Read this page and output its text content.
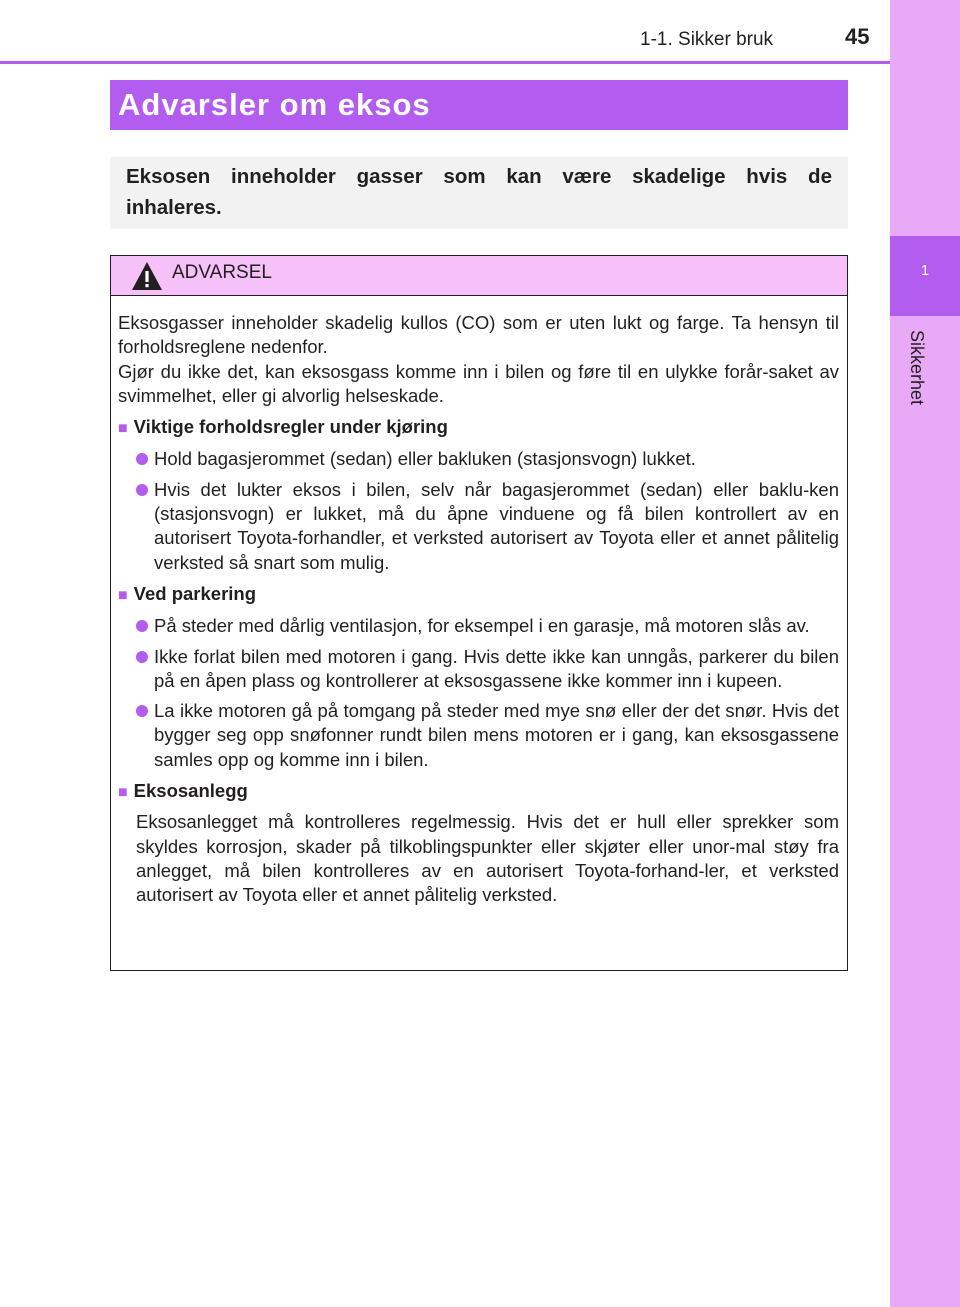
1
Sikkerhet
1-1. Sikker bruk	45
Advarsler om eksos
Eksosen inneholder gasser som kan være skadelige hvis de inhaleres.
ADVARSEL

Eksosgasser inneholder skadelig kullos (CO) som er uten lukt og farge. Ta hensyn til forholdsreglene nedenfor.

Gjør du ikke det, kan eksosgass komme inn i bilen og føre til en ulykke forår-saket av svimmelhet, eller gi alvorlig helseskade.

■ Viktige forholdsregler under kjøring
Hold bagasjerommet (sedan) eller bakluken (stasjonsvogn) lukket.
Hvis det lukter eksos i bilen, selv når bagasjerommet (sedan) eller baklu-ken (stasjonsvogn) er lukket, må du åpne vinduene og få bilen kontrollert av en autorisert Toyota-forhandler, et verksted autorisert av Toyota eller et annet pålitelig verksted så snart som mulig.
■ Ved parkering
På steder med dårlig ventilasjon, for eksempel i en garasje, må motoren slås av.
Ikke forlat bilen med motoren i gang. Hvis dette ikke kan unngås, parkerer du bilen på en åpen plass og kontrollerer at eksosgassene ikke kommer inn i kupeen.
La ikke motoren gå på tomgang på steder med mye snø eller der det snør. Hvis det bygger seg opp snøfonner rundt bilen mens motoren er i gang, kan eksosgassene samles opp og komme inn i bilen.
■ Eksosanlegg

Eksosanlegget må kontrolleres regelmessig. Hvis det er hull eller sprekker som skyldes korrosjon, skader på tilkoblingspunkter eller skjøter eller unor-mal støy fra anlegget, må bilen kontrolleres av en autorisert Toyota-forhand-ler, et verksted autorisert av Toyota eller et annet pålitelig verksted.
